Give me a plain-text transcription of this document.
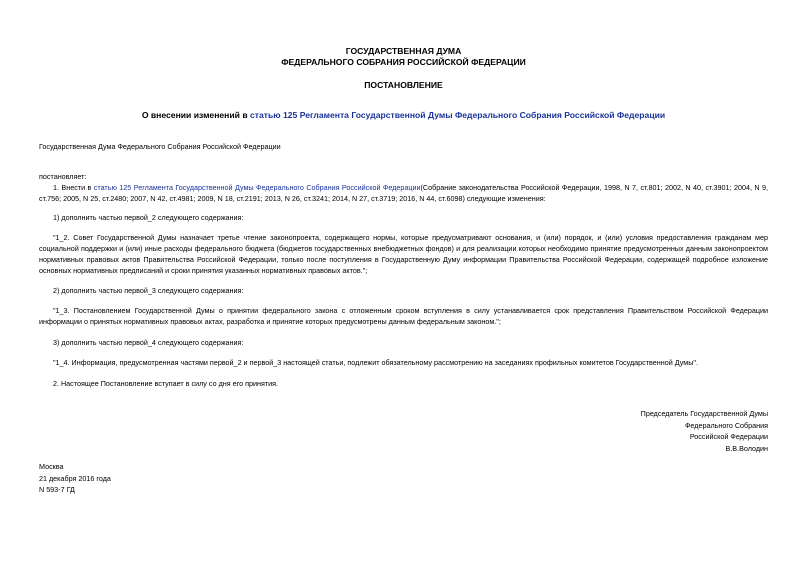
ГОСУДАРСТВЕННАЯ ДУМА
ФЕДЕРАЛЬНОГО СОБРАНИЯ РОССИЙСКОЙ ФЕДЕРАЦИИ
ПОСТАНОВЛЕНИЕ
О внесении изменений в статью 125 Регламента Государственной Думы Федерального Собрания Российской Федерации
Государственная Дума Федерального Собрания Российской Федерации
постановляет:
1. Внести в статью 125 Регламента Государственной Думы Федерального Собрания Российской Федерации(Собрание законодательства Российской Федерации, 1998, N 7, ст.801; 2002, N 40, ст.3901; 2004, N 9, ст.756; 2005, N 25, ст.2480; 2007, N 42, ст.4981; 2009, N 18, ст.2191; 2013, N 26, ст.3241; 2014, N 27, ст.3719; 2016, N 44, ст.6098) следующие изменения:
1) дополнить частью первой_2 следующего содержания:
"1_2. Совет Государственной Думы назначает третье чтение законопроекта, содержащего нормы, которые предусматривают основания, и (или) порядок, и (или) условия предоставления гражданам мер социальной поддержки и (или) иные расходы федерального бюджета (бюджетов государственных внебюджетных фондов) и для реализации которых необходимо принятие предусмотренных данным законопроектом нормативных правовых актов Правительства Российской Федерации, только после поступления в Государственную Думу информации Правительства Российской Федерации, содержащей подробное изложение основных нормативных предписаний и сроки принятия указанных нормативных правовых актов.";
2) дополнить частью первой_3 следующего содержания:
"1_3. Постановлением Государственной Думы о принятии федерального закона с отложенным сроком вступления в силу устанавливается срок представления Правительством Российской Федерации информации о принятых нормативных правовых актах, разработка и принятие которых предусмотрены данным федеральным законом.";
3) дополнить частью первой_4 следующего содержания:
"1_4. Информация, предусмотренная частями первой_2 и первой_3 настоящей статьи, подлежит обязательному рассмотрению на заседаниях профильных комитетов Государственной Думы".
2. Настоящее Постановление вступает в силу со дня его принятия.
Председатель Государственной Думы
Федерального Собрания
Российской Федерации
В.В.Володин
Москва
21 декабря 2016 года
N 593-7 ГД
